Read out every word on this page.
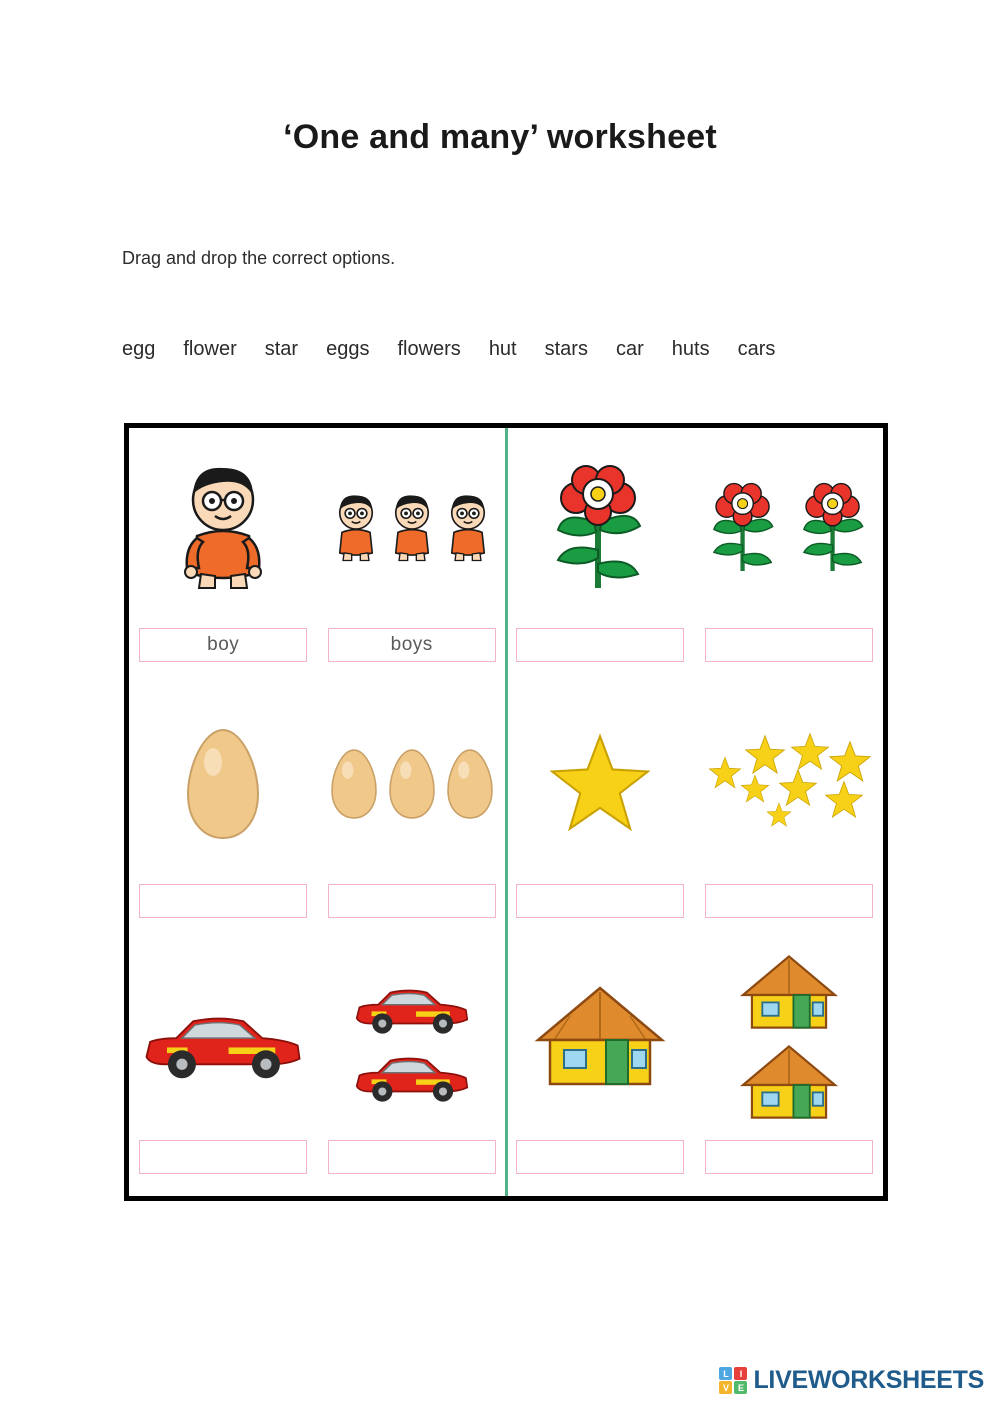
‘One and many’ worksheet
Drag and drop the correct options.
egg flower star eggs flowers hut stars car huts cars
boy	boys
L	I
V E LIVEWORKSHEETS
